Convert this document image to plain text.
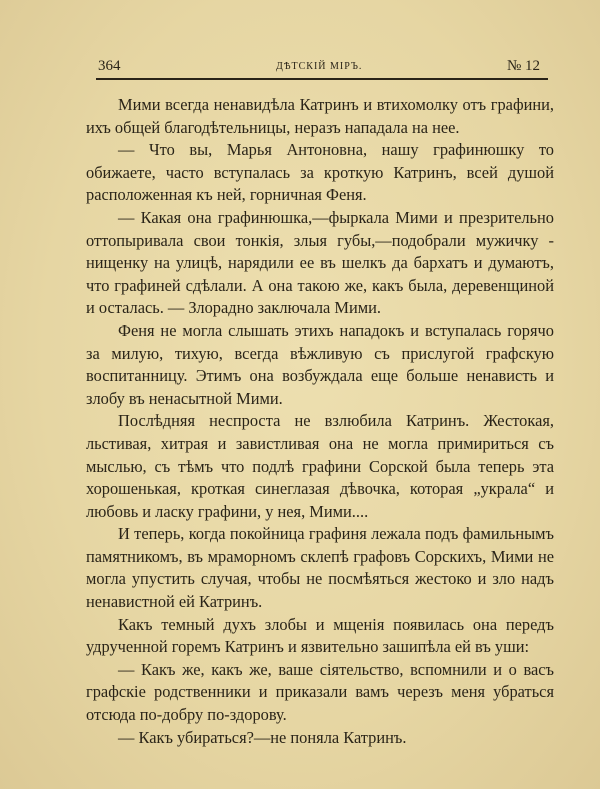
364	ДѢТСКІЙ МІРЪ.	№ 12

Мими всегда ненавидѣла Катринъ и втихомолку отъ графини, ихъ общей благодѣтельницы, неразъ нападала на нее.

— Что вы, Марья Антоновна, нашу графинюшку то обижаете, часто вступалась за кроткую Катринъ, всей душой расположенная къ ней, горничная Феня.

— Какая она графинюшка,—фыркала Мими и презрительно оттопыривала свои тонкія, злыя губы,—подобрали мужичку - нищенку на улицѣ, нарядили ее въ шелкъ да бархатъ и думаютъ, что графиней сдѣлали. А она такою же, какъ была, деревенщиной и осталась. — Злорадно заключала Мими.

Феня не могла слышать этихъ нападокъ и вступалась горячо за милую, тихую, всегда вѣжливую съ прислугой графскую воспитанницу. Этимъ она возбуждала еще больше ненависть и злобу въ ненасытной Мими.

Послѣдняя неспроста не взлюбила Катринъ. Жестокая, льстивая, хитрая и завистливая она не могла примириться съ мыслью, съ тѣмъ что подлѣ графини Сорской была теперь эта хорошенькая, кроткая синеглазая дѣвочка, которая „украла“ и любовь и ласку графини, у нея, Мими....

И теперь, когда покойница графиня лежала подъ фамильнымъ памятникомъ, въ мраморномъ склепѣ графовъ Сорскихъ, Мими не могла упустить случая, чтобы не посмѣяться жестоко и зло надъ ненавистной ей Катринъ.

Какъ темный духъ злобы и мщенія появилась она передъ удрученной горемъ Катринъ и язвительно зашипѣла ей въ уши:

— Какъ же, какъ же, ваше сіятельство, вспомнили и о васъ графскіе родственники и приказали вамъ черезъ меня убраться отсюда по-добру по-здорову.

— Какъ убираться?—не поняла Катринъ.
